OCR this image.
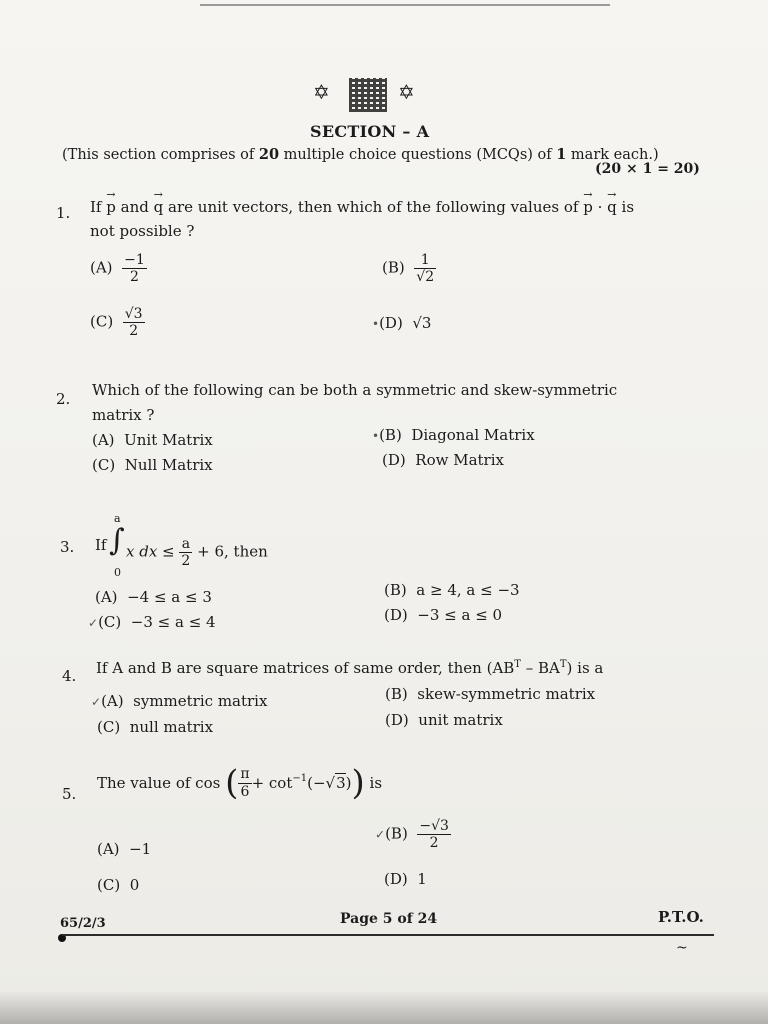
✡	✡
SECTION – A
(This section comprises of 20 multiple choice questions (MCQs) of 1 mark each.)
(20 × 1 = 20)
1. If
→
p and
→
q are unit vectors, then which of the following values of
→
p ·
→
q is
not possible ?
$(A) \frac{-1}{2}$	$(B) \frac{1}{√2}$
$(C) \frac{√3}{2}$	•(D) √3
2. Which of the following can be both a symmetric and skew-symmetric
matrix ?
(A) Unit Matrix	•(B) Diagonal Matrix
(C) Null Matrix	(D) Row Matrix
3. If
a
∫
0
x dx ≤ $\frac{a}{2} + 6$, then
(A) −4 ≤ a ≤ 3	(B) a ≥ 4, a ≤ −3
✓(C) −3 ≤ a ≤ 4	(D) −3 ≤ a ≤ 0
4. If A and B are square matrices of same order, then $(AB^T - BA^T)$ is a
✓(A) symmetric matrix	(B) skew-symmetric matrix
(C) null matrix	(D) unit matrix
5.
The value of cos ( $\frac{\pi}{6} + \cot^{-1}(-√3)$) is
(A) −1
✓(B) $\frac{-√3}{2}$
(C) 0	(D) 1
65/2/3	Page 5 of 24	P.T.O.
~
